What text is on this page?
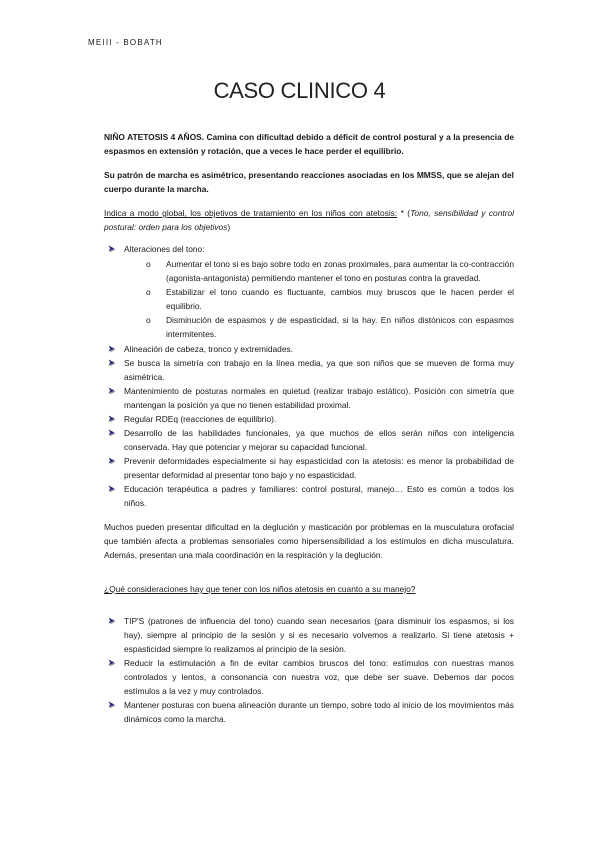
MEIII - BOBATH
CASO CLINICO 4

NIÑO ATETOSIS 4 AÑOS. Camina con dificultad debido a déficit de control postural y a la presencia de espasmos en extensión y rotación, que a veces le hace perder el equilibrio.

Su patrón de marcha es asimétrico, presentando reacciones asociadas en los MMSS, que se alejan del cuerpo durante la marcha.

Indica a modo global, los objetivos de tratamiento en los niños con atetosis: * (Tono, sensibilidad y control postural: orden para los objetivos)

Alteraciones del tono:
o Aumentar el tono si es bajo sobre todo en zonas proximales, para aumentar la co-contracción (agonista-antagonista) permitiendo mantener el tono en posturas contra la gravedad.
o Estabilizar el tono cuando es fluctuante, cambios muy bruscos que le hacen perder el equilibrio.
o Disminución de espasmos y de espasticidad, si la hay. En niños distónicos con espasmos intermitentes.
Alineación de cabeza, tronco y extremidades.
Se busca la simetría con trabajo en la línea media, ya que son niños que se mueven de forma muy asimétrica.
Mantenimiento de posturas normales en quietud (realizar trabajo estático). Posición con simetría que mantengan la posición ya que no tienen estabilidad proximal.
Regular RDEq (reacciones de equilibrio).
Desarrollo de las habilidades funcionales, ya que muchos de ellos serán niños con inteligencia conservada. Hay que potenciar y mejorar su capacidad funcional.
Prevenir deformidades especialmente si hay espasticidad con la atetosis: es menor la probabilidad de presentar deformidad al presentar tono bajo y no espasticidad.
Educación terapéutica a padres y familiares: control postural, manejo… Esto es común a todos los niños.

Muchos pueden presentar dificultad en la deglución y masticación por problemas en la musculatura orofacial que también afecta a problemas sensoriales como hipersensibilidad a los estímulos en dicha musculatura. Además, presentan una mala coordinación en la respiración y la deglución.

¿Qué consideraciones hay que tener con los niños atetosis en cuanto a su manejo?

TIP'S (patrones de influencia del tono) cuando sean necesarios (para disminuir los espasmos, si los hay), siempre al principio de la sesión y si es necesario volvemos a realizarlo. Si tiene atetosis + espasticidad siempre lo realizamos al principio de la sesión.
Reducir la estimulación a fin de evitar cambios bruscos del tono: estímulos con nuestras manos controlados y lentos, a consonancia con nuestra voz, que debe ser suave. Debemos dar pocos estímulos a la vez y muy controlados.
Mantener posturas con buena alineación durante un tiempo, sobre todo al inicio de los movimientos más dinámicos como la marcha.
